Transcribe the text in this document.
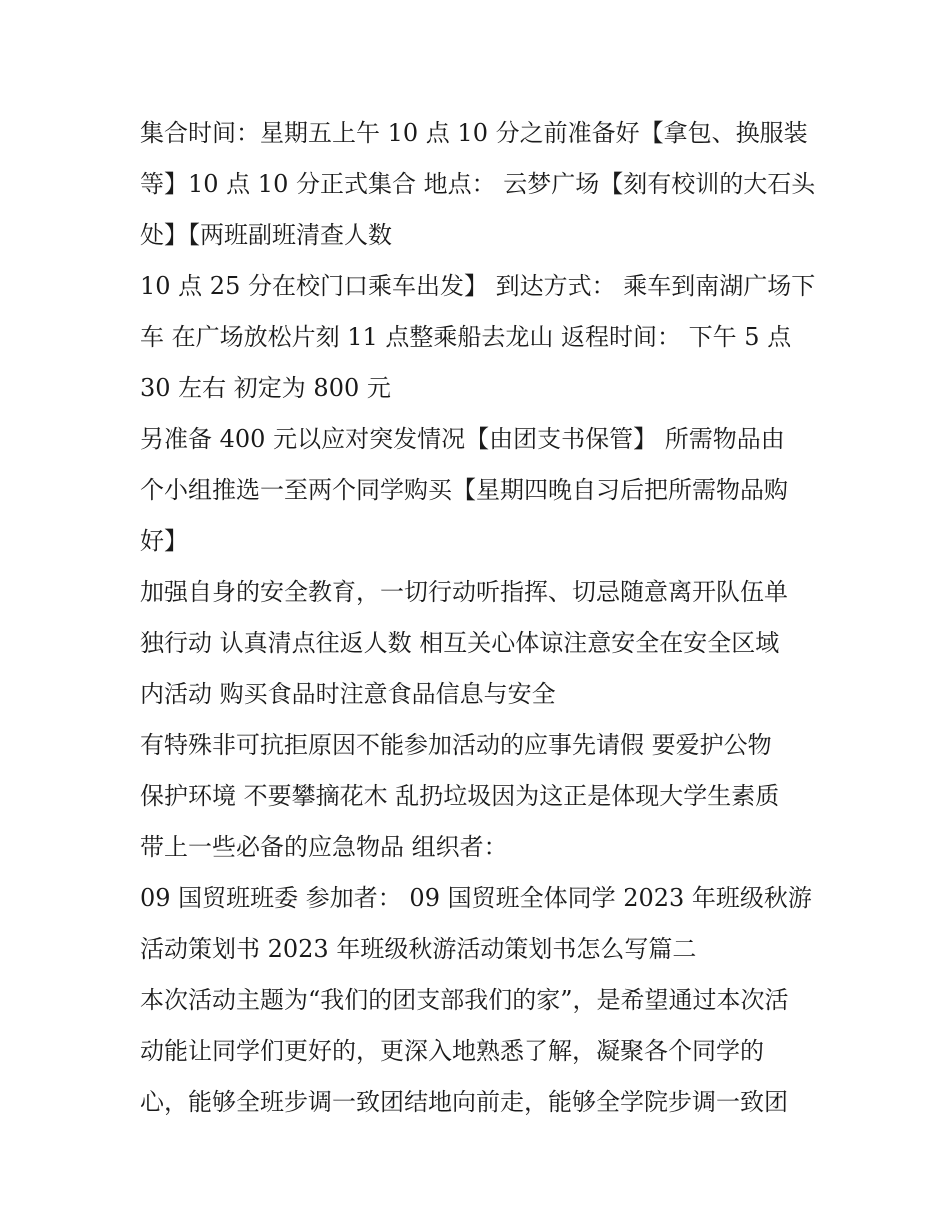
集合时间：星期五上午 10 点 10 分之前准备好【拿包、换服装
等】10 点 10 分正式集合 地点： 云梦广场【刻有校训的大石头
处】【两班副班清查人数
10 点 25 分在校门口乘车出发】 到达方式： 乘车到南湖广场下
车 在广场放松片刻 11 点整乘船去龙山 返程时间： 下午 5 点
30 左右 初定为 800 元
另准备 400 元以应对突发情况【由团支书保管】 所需物品由
个小组推选一至两个同学购买【星期四晚自习后把所需物品购
好】
加强自身的安全教育，一切行动听指挥、切忌随意离开队伍单
独行动 认真清点往返人数 相互关心体谅注意安全在安全区域
内活动 购买食品时注意食品信息与安全
有特殊非可抗拒原因不能参加活动的应事先请假 要爱护公物
保护环境 不要攀摘花木 乱扔垃圾因为这正是体现大学生素质
带上一些必备的应急物品 组织者：
09 国贸班班委 参加者： 09 国贸班全体同学 2023 年班级秋游
活动策划书 2023 年班级秋游活动策划书怎么写篇二
本次活动主题为“我们的团支部我们的家”，是希望通过本次活
动能让同学们更好的，更深入地熟悉了解，凝聚各个同学的
心，能够全班步调一致团结地向前走，能够全学院步调一致团
